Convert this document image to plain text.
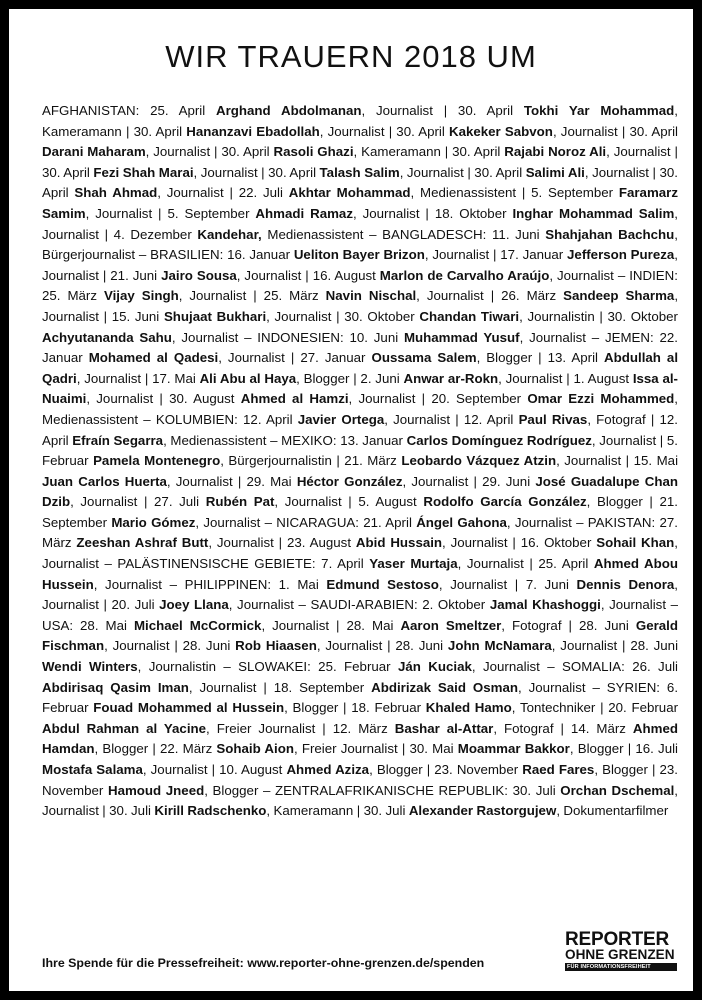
WIR TRAUERN 2018 UM

AFGHANISTAN: 25. April Arghand Abdolmanan, Journalist | 30. April Tokhi Yar Mohammad, Kameramann | 30. April Hananzavi Ebadollah, Journalist | 30. April Kakeker Sabvon, Journalist | 30. April Darani Maharam, Journalist | 30. April Rasoli Ghazi, Kameramann | 30. April Rajabi Noroz Ali, Journalist | 30. April Fezi Shah Marai, Journalist | 30. April Talash Salim, Journalist | 30. April Salimi Ali, Journalist | 30. April Shah Ahmad, Journalist | 22. Juli Akhtar Mohammad, Medienassistent | 5. September Faramarz Samim, Journalist | 5. September Ahmadi Ramaz, Journalist | 18. Oktober Inghar Mohammad Salim, Journalist | 4. Dezember Kandehar, Medienassistent – BANGLADESCH: 11. Juni Shahjahan Bachchu, Bürgerjournalist – BRASILIEN: 16. Januar Ueliton Bayer Brizon, Journalist | 17. Januar Jefferson Pureza, Journalist | 21. Juni Jairo Sousa, Journalist | 16. August Marlon de Carvalho Araújo, Journalist – INDIEN: 25. März Vijay Singh, Journalist | 25. März Navin Nischal, Journalist | 26. März Sandeep Sharma, Journalist | 15. Juni Shujaat Bukhari, Journalist | 30. Oktober Chandan Tiwari, Journalistin | 30. Oktober Achyutananda Sahu, Journalist – INDONESIEN: 10. Juni Muhammad Yusuf, Journalist – JEMEN: 22. Januar Mohamed al Qadesi, Journalist | 27. Januar Oussama Salem, Blogger | 13. April Abdullah al Qadri, Journalist | 17. Mai Ali Abu al Haya, Blogger | 2. Juni Anwar ar-Rokn, Journalist | 1. August Issa al-Nuaimi, Journalist | 30. August Ahmed al Hamzi, Journalist | 20. September Omar Ezzi Mohammed, Medienassistent – KOLUMBIEN: 12. April Javier Ortega, Journalist | 12. April Paul Rivas, Fotograf | 12. April Efraín Segarra, Medienassistent – MEXIKO: 13. Januar Carlos Domínguez Rodríguez, Journalist | 5. Februar Pamela Montenegro, Bürgerjournalistin | 21. März Leobardo Vázquez Atzin, Journalist | 15. Mai Juan Carlos Huerta, Journalist | 29. Mai Héctor González, Journalist | 29. Juni José Guadalupe Chan Dzib, Journalist | 27. Juli Rubén Pat, Journalist | 5. August Rodolfo García González, Blogger | 21. September Mario Gómez, Journalist – NICARAGUA: 21. April Ángel Gahona, Journalist – PAKISTAN: 27. März Zeeshan Ashraf Butt, Journalist | 23. August Abid Hussain, Journalist | 16. Oktober Sohail Khan, Journalist – PALÄSTINENSISCHE GEBIETE: 7. April Yaser Murtaja, Journalist | 25. April Ahmed Abou Hussein, Journalist – PHILIPPINEN: 1. Mai Edmund Sestoso, Journalist | 7. Juni Dennis Denora, Journalist | 20. Juli Joey Llana, Journalist – SAUDI-ARABIEN: 2. Oktober Jamal Khashoggi, Journalist – USA: 28. Mai Michael McCormick, Journalist | 28. Mai Aaron Smeltzer, Fotograf | 28. Juni Gerald Fischman, Journalist | 28. Juni Rob Hiaasen, Journalist | 28. Juni John McNamara, Journalist | 28. Juni Wendi Winters, Journalistin – SLOWAKEI: 25. Februar Ján Kuciak, Journalist – SOMALIA: 26. Juli Abdirisaq Qasim Iman, Journalist | 18. September Abdirizak Said Osman, Journalist – SYRIEN: 6. Februar Fouad Mohammed al Hussein, Blogger | 18. Februar Khaled Hamo, Tontechniker | 20. Februar Abdul Rahman al Yacine, Freier Journalist | 12. März Bashar al-Attar, Fotograf | 14. März Ahmed Hamdan, Blogger | 22. März Sohaib Aion, Freier Journalist | 30. Mai Moammar Bakkor, Blogger | 16. Juli Mostafa Salama, Journalist | 10. August Ahmed Aziza, Blogger | 23. November Raed Fares, Blogger | 23. November Hamoud Jneed, Blogger – ZENTRALAFRIKANISCHE REPUBLIK: 30. Juli Orchan Dschemal, Journalist | 30. Juli Kirill Radschenko, Kameramann | 30. Juli Alexander Rastorgujew, Dokumentarfilmer

Ihre Spende für die Pressefreiheit: www.reporter-ohne-grenzen.de/spenden

REPORTER
OHNE GRENZEN
FÜR INFORMATIONSFREIHEIT
